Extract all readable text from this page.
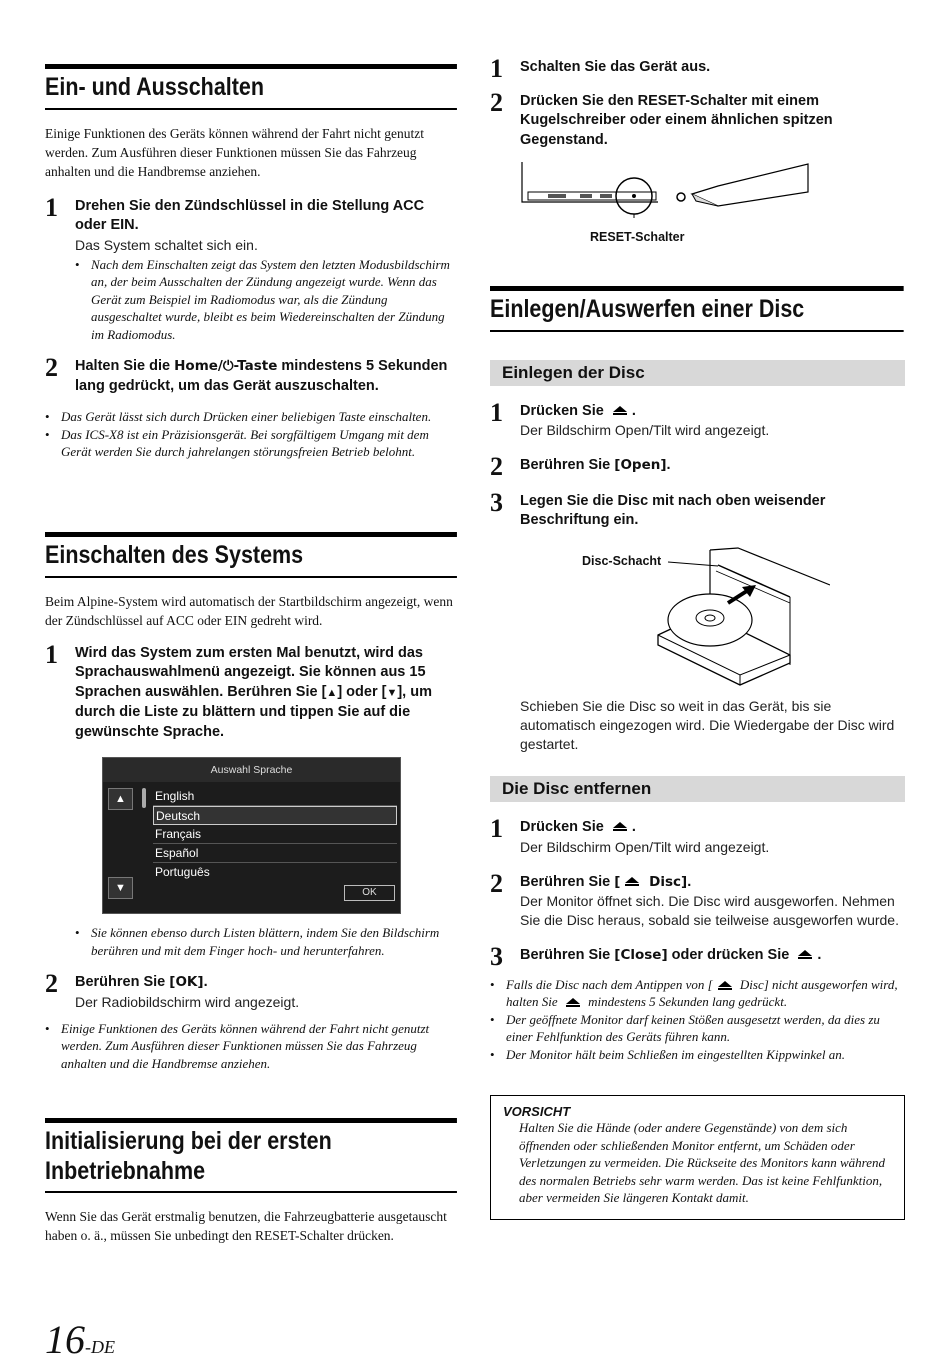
Ein- und Ausschalten

Einige Funktionen des Geräts können während der Fahrt nicht genutzt werden. Zum Ausführen dieser Funktionen müssen Sie das Fahrzeug anhalten und die Handbremse anziehen.

1 Drehen Sie den Zündschlüssel in die Stellung ACC oder EIN.
Das System schaltet sich ein.
• Nach dem Einschalten zeigt das System den letzten Modusbildschirm an, der beim Ausschalten der Zündung angezeigt wurde. Wenn das Gerät zum Beispiel im Radiomodus war, als die Zündung ausgeschaltet wurde, bleibt es beim Wiedereinschalten der Zündung im Radiomodus.
2 Halten Sie die Home/⏻-Taste mindestens 5 Sekunden lang gedrückt, um das Gerät auszuschalten.
• Das Gerät lässt sich durch Drücken einer beliebigen Taste einschalten.
• Das ICS-X8 ist ein Präzisionsgerät. Bei sorgfältigem Umgang mit dem Gerät werden Sie durch jahrelangen störungsfreien Betrieb belohnt.
Einschalten des Systems

Beim Alpine-System wird automatisch der Startbildschirm angezeigt, wenn der Zündschlüssel auf ACC oder EIN gedreht wird.

1 Wird das System zum ersten Mal benutzt, wird das Sprachauswahlmenü angezeigt. Sie können aus 15 Sprachen auswählen. Berühren Sie [▲] oder [▼], um durch die Liste zu blättern und tippen Sie auf die gewünschte Sprache.
Auswahl Sprache
▲
▼
English
Deutsch
Français
Español
Português
OK
• Sie können ebenso durch Listen blättern, indem Sie den Bildschirm berühren und mit dem Finger hoch- und herunterfahren.
2 Berühren Sie [OK].
Der Radiobildschirm wird angezeigt.
• Einige Funktionen des Geräts können während der Fahrt nicht genutzt werden. Zum Ausführen dieser Funktionen müssen Sie das Fahrzeug anhalten und die Handbremse anziehen.
Initialisierung bei der ersten
Inbetriebnahme

Wenn Sie das Gerät erstmalig benutzen, die Fahrzeugbatterie ausgetauscht haben o. ä., müssen Sie unbedingt den RESET-Schalter drücken.

1 Schalten Sie das Gerät aus.
2 Drücken Sie den RESET-Schalter mit einem Kugelschreiber oder einem ähnlichen spitzen Gegenstand.
RESET-Schalter
Einlegen/Auswerfen einer Disc
Einlegen der Disc
1 Drücken Sie .
Der Bildschirm Open/Tilt wird angezeigt.
2 Berühren Sie [Open].
3 Legen Sie die Disc mit nach oben weisender Beschriftung ein.
Disc-Schacht
Schieben Sie die Disc so weit in das Gerät, bis sie automatisch eingezogen wird. Die Wiedergabe der Disc wird gestartet.
Die Disc entfernen
1 Drücken Sie .
Der Bildschirm Open/Tilt wird angezeigt.
2 Berühren Sie [ Disc].
Der Monitor öffnet sich. Die Disc wird ausgeworfen. Nehmen Sie die Disc heraus, sobald sie teilweise ausgeworfen wurde.
3 Berühren Sie [Close] oder drücken Sie .
• Falls die Disc nach dem Antippen von [ Disc] nicht ausgeworfen wird, halten Sie  mindestens 5 Sekunden lang gedrückt.
• Der geöffnete Monitor darf keinen Stößen ausgesetzt werden, da dies zu einer Fehlfunktion des Geräts führen kann.
• Der Monitor hält beim Schließen im eingestellten Kippwinkel an.
VORSICHT
Halten Sie die Hände (oder andere Gegenstände) von dem sich öffnenden oder schließenden Monitor entfernt, um Schäden oder Verletzungen zu vermeiden. Die Rückseite des Monitors kann während des normalen Betriebs sehr warm werden. Das ist keine Fehlfunktion, aber vermeiden Sie längeren Kontakt damit.
16-DE
